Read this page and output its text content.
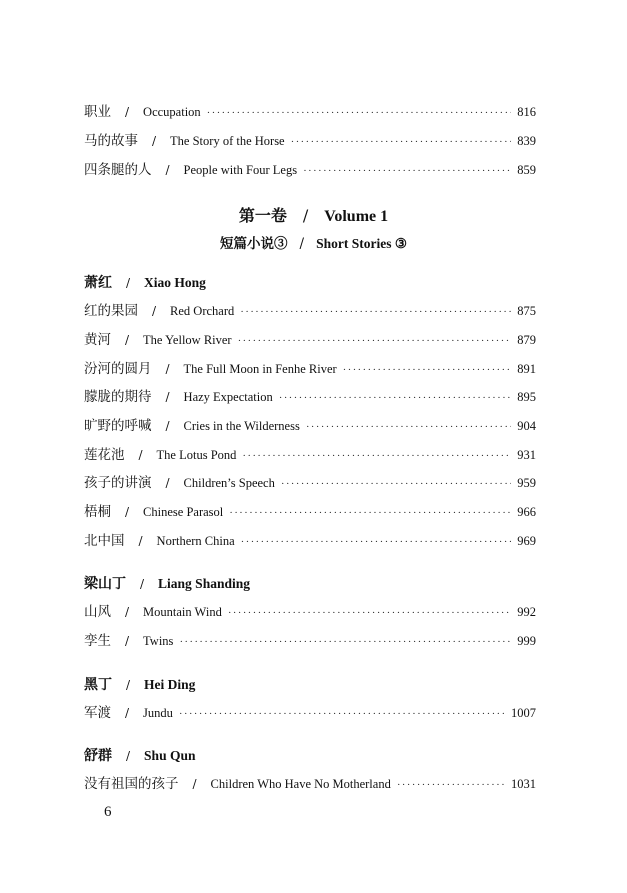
职业 / Occupation ·····	816
马的故事 / The Story of the Horse ·····	839
四条腿的人 / People with Four Legs ·····	859
第一卷 / Volume 1
短篇小说③ / Short Stories ③
萧红 / Xiao Hong
红的果园 / Red Orchard ·····	875
黄河 / The Yellow River ·····	879
汾河的圆月 / The Full Moon in Fenhe River ·····	891
朦胧的期待 / Hazy Expectation ·····	895
旷野的呼喊 / Cries in the Wilderness ·····	904
莲花池 / The Lotus Pond ·····	931
孩子的讲演 / Children’s Speech ·····	959
梧桐 / Chinese Parasol ·····	966
北中国 / Northern China ·····	969
梁山丁 / Liang Shanding
山风 / Mountain Wind ·····	992
孪生 / Twins ·····	999
黑丁 / Hei Ding
军渡 / Jundu ·····	1007
舒群 / Shu Qun
没有祖国的孩子 / Children Who Have No Motherland ·····	1031
6
